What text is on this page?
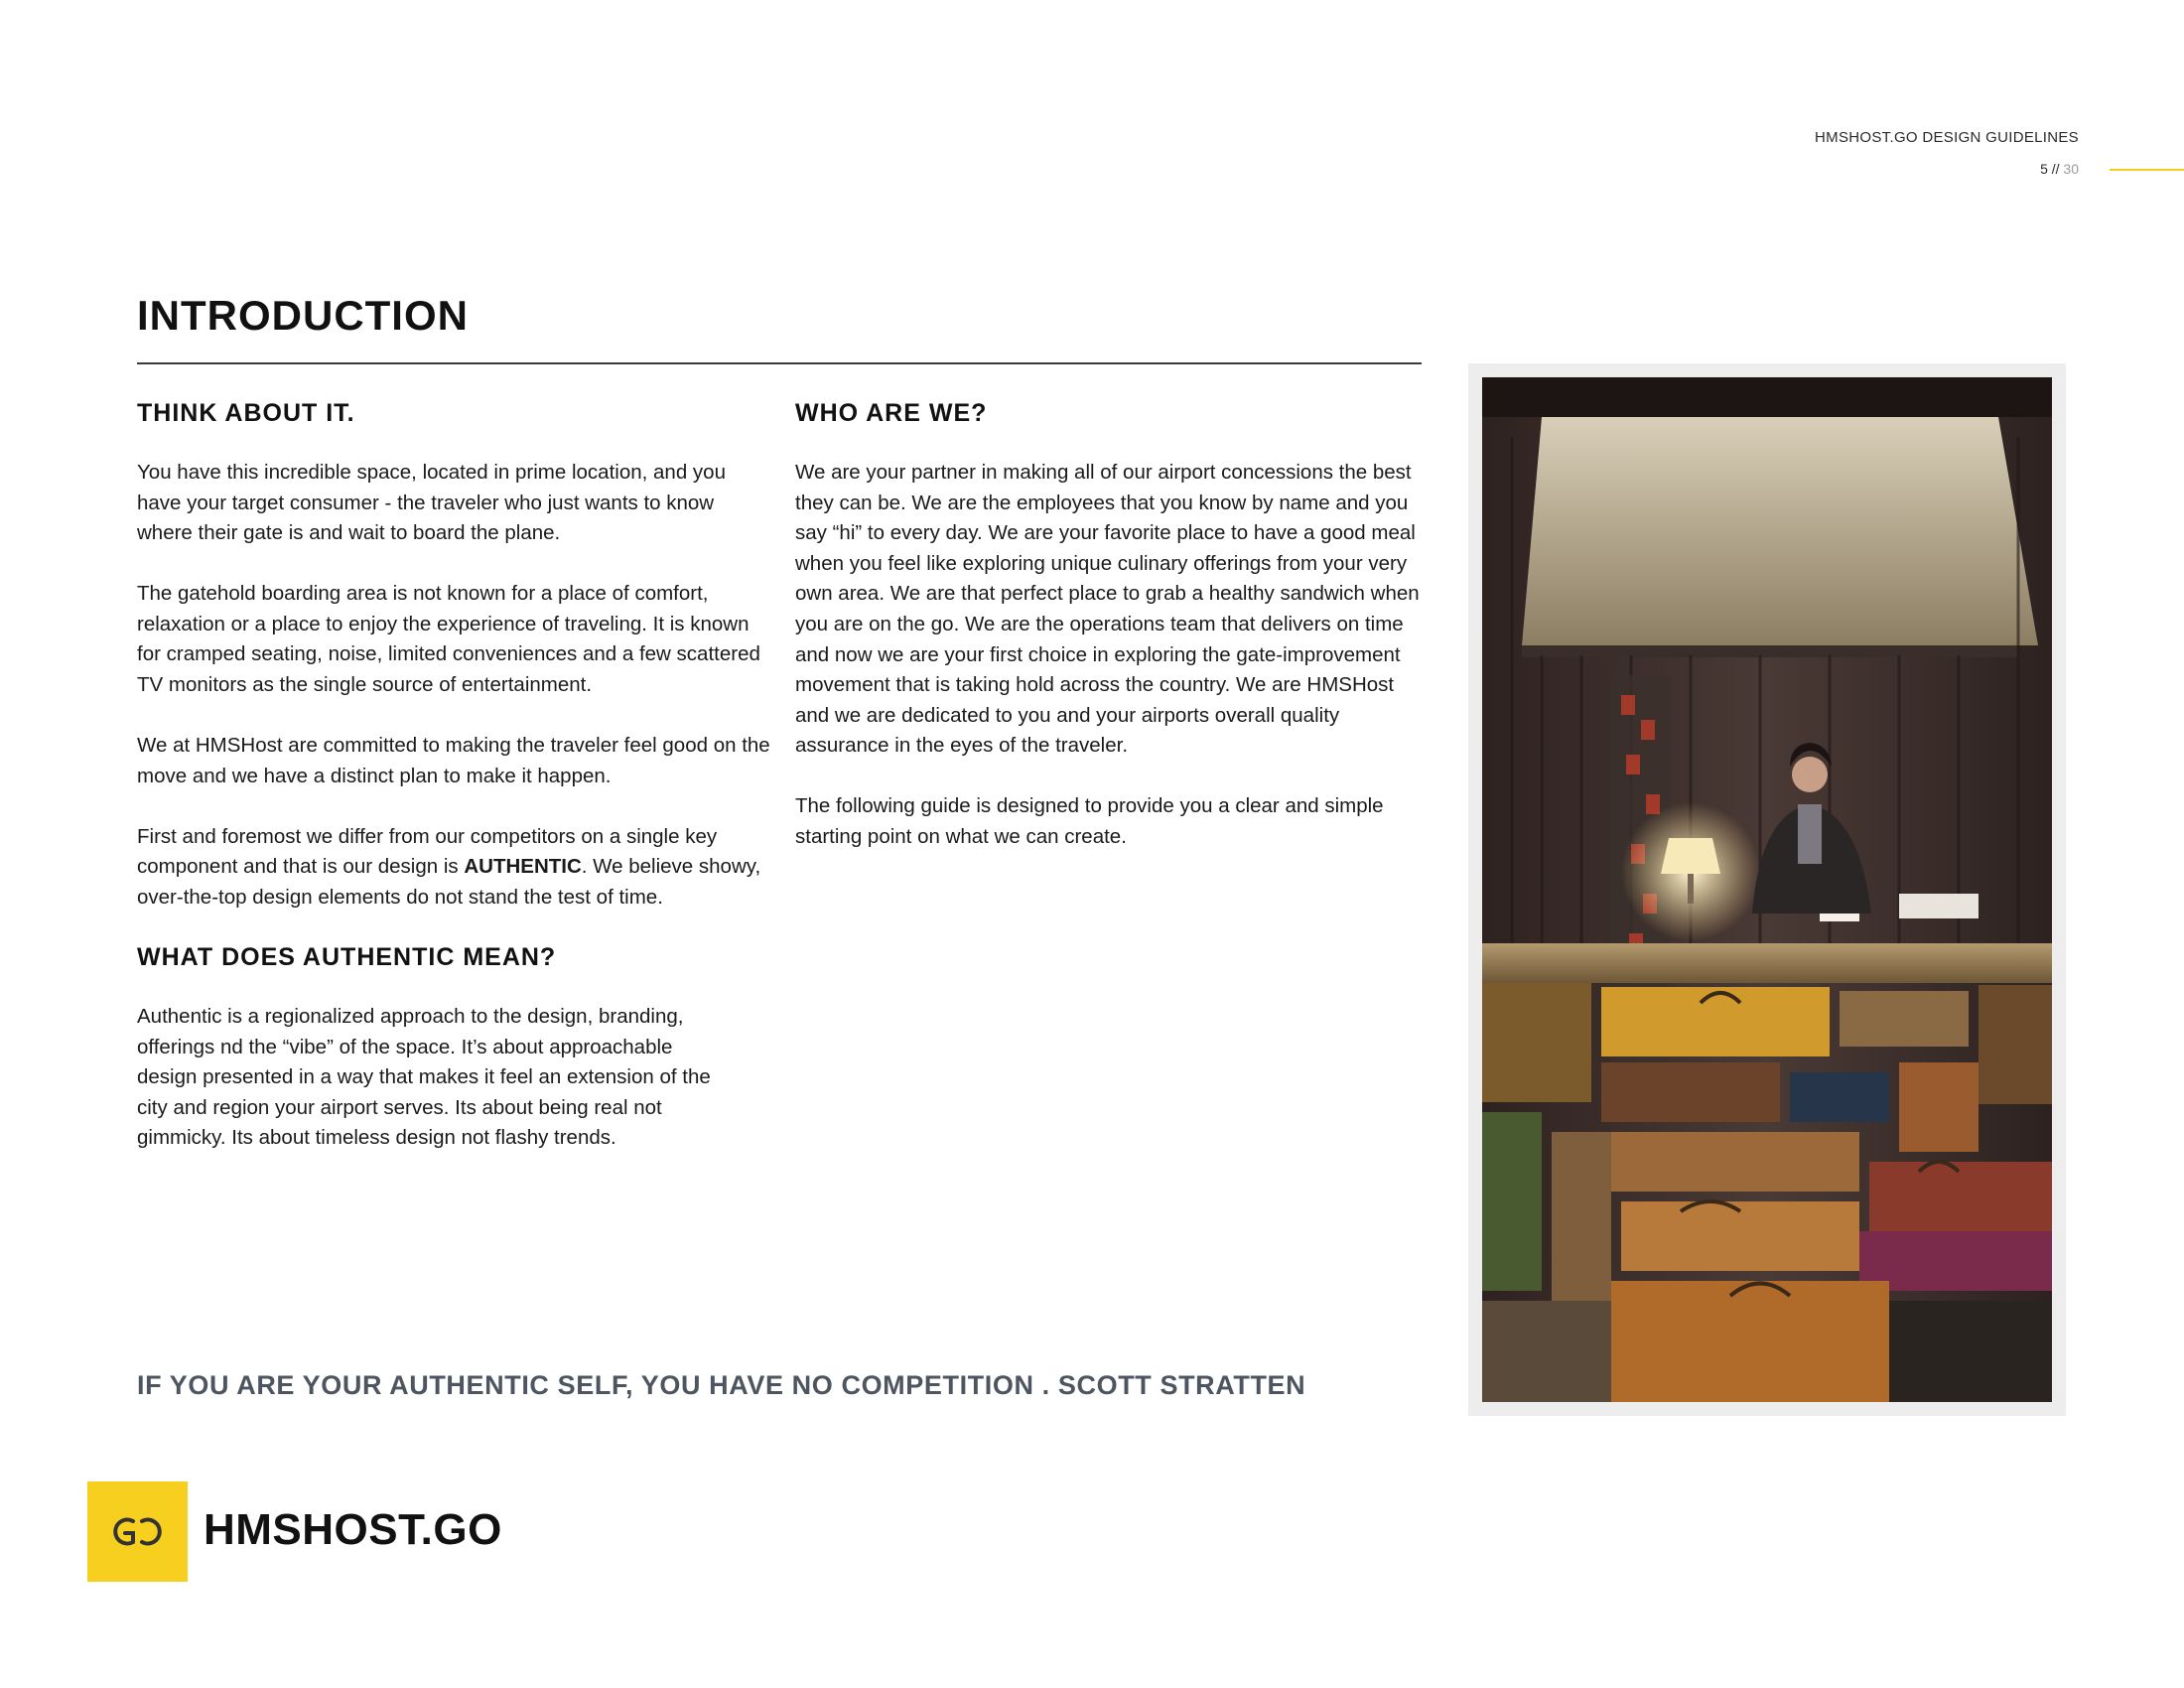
HMSHOST.GO DESIGN GUIDELINES
5 // 30
INTRODUCTION
THINK ABOUT IT.

You have this incredible space, located in prime location, and you have your target consumer - the traveler who just wants to know where their gate is and wait to board the plane.

The gatehold boarding area is not known for a place of comfort, relaxation or a place to enjoy the experience of traveling. It is known for cramped seating, noise, limited conveniences and a few scattered TV monitors as the single source of entertainment.

We at HMSHost are committed to making the traveler feel good on the move and we have a distinct plan to make it happen.

First and foremost we differ from our competitors on a single key component and that is our design is AUTHENTIC. We believe showy, over-the-top design elements do not stand the test of time.

WHAT DOES AUTHENTIC MEAN?

Authentic is a regionalized approach to the design, branding, offerings nd the “vibe” of the space. It’s about approachable design presented in a way that makes it feel an extension of the city and region your airport serves. Its about being real not gimmicky. Its about timeless design not flashy trends.

WHO ARE WE?

We are your partner in making all of our airport concessions the best they can be. We are the employees that you know by name and you say “hi” to every day. We are your favorite place to have a good meal when you feel like exploring unique culinary offerings from your very own area. We are that perfect place to grab a healthy sandwich when you are on the go. We are the operations team that delivers on time and now we are your first choice in exploring the gate-improvement movement that is taking hold across the country. We are HMSHost and we are dedicated to you and your airports overall quality assurance in the eyes of the traveler.

The following guide is designed to provide you a clear and simple starting point on what we can create.

IF YOU ARE YOUR AUTHENTIC SELF, YOU HAVE NO COMPETITION . SCOTT STRATTEN
HMSHOST.GO
